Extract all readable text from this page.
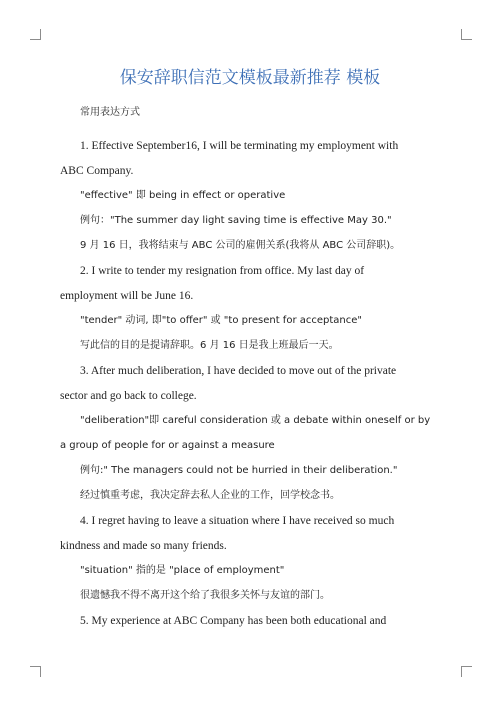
保安辞职信范文模板最新推荐 模板
常用表达方式
1. Effective September16, I will be terminating my employment with
ABC Company.
"effective" 即 being in effect or operative
例句："The summer day light saving time is effective May 30."
9 月 16 日，我将结束与 ABC 公司的雇佣关系(我将从 ABC 公司辞职)。
2. I write to tender my resignation from office. My last day of
employment will be June 16.
"tender" 动词, 即"to offer" 或 "to present for acceptance"
写此信的目的是提请辞职。6 月 16 日是我上班最后一天。
3. After much deliberation, I have decided to move out of the private
sector and go back to college.
"deliberation"即 careful consideration 或 a debate within oneself or by
a group of people for or against a measure
例句:" The managers could not be hurried in their deliberation."
经过慎重考虑，我决定辞去私人企业的工作，回学校念书。
4. I regret having to leave a situation where I have received so much
kindness and made so many friends.
"situation" 指的是 "place of employment"
很遗憾我不得不离开这个给了我很多关怀与友谊的部门。
5. My experience at ABC Company has been both educational and
